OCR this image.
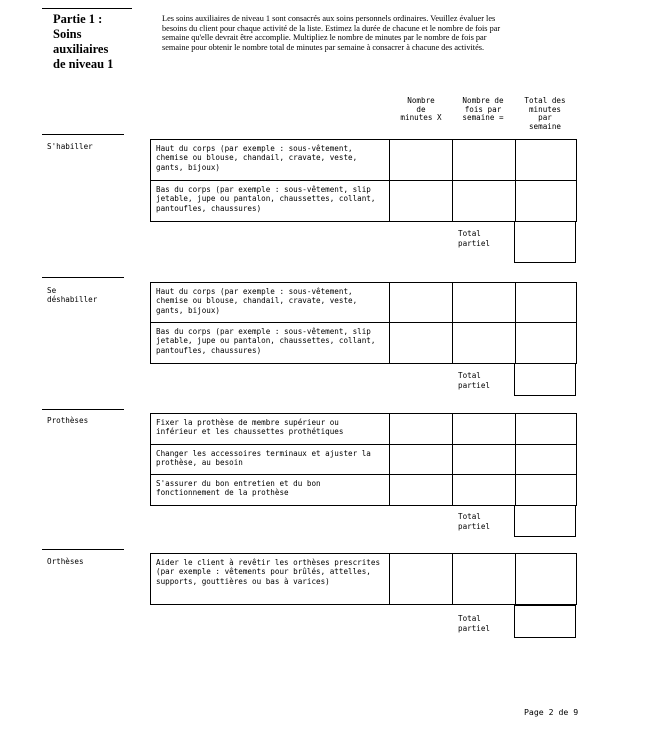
Partie 1 :
Soins
auxiliaires
de niveau 1
Les soins auxiliaires de niveau 1 sont consacrés aux soins personnels ordinaires. Veuillez évaluer les besoins du client pour chaque activité de la liste. Estimez la durée de chacune et le nombre de fois par semaine qu'elle devrait être accomplie. Multipliez le nombre de minutes par le nombre de fois par semaine pour obtenir le nombre total de minutes par semaine à consacrer à chacune des activités.
Nombre
de
minutes X
Nombre de
fois par
semaine =
Total des
minutes
par
semaine
S'habiller	Haut du corps (par exemple : sous-vêtement, chemise ou blouse, chandail, cravate, veste, gants, bijoux)			
Bas du corps (par exemple : sous-vêtement, slip jetable, jupe ou pantalon, chaussettes, collant, pantoufles, chaussures)			
Total
partiel
Se
déshabiller
Haut du corps (par exemple : sous-vêtement, chemise ou blouse, chandail, cravate, veste, gants, bijoux)			
Bas du corps (par exemple : sous-vêtement, slip jetable, jupe ou pantalon, chaussettes, collant, pantoufles, chaussures)			
Total
partiel
Prothèses	Fixer la prothèse de membre supérieur ou inférieur et les chaussettes prothétiques			
Changer les accessoires terminaux et ajuster la prothèse, au besoin			
S'assurer du bon entretien et du bon fonctionnement de la prothèse			
Total
partiel
Orthèses	Aider le client à revêtir les orthèses prescrites (par exemple : vêtements pour brûlés, attelles, supports, gouttières ou bas à varices)			
Total
partiel
Page 2 de 9
